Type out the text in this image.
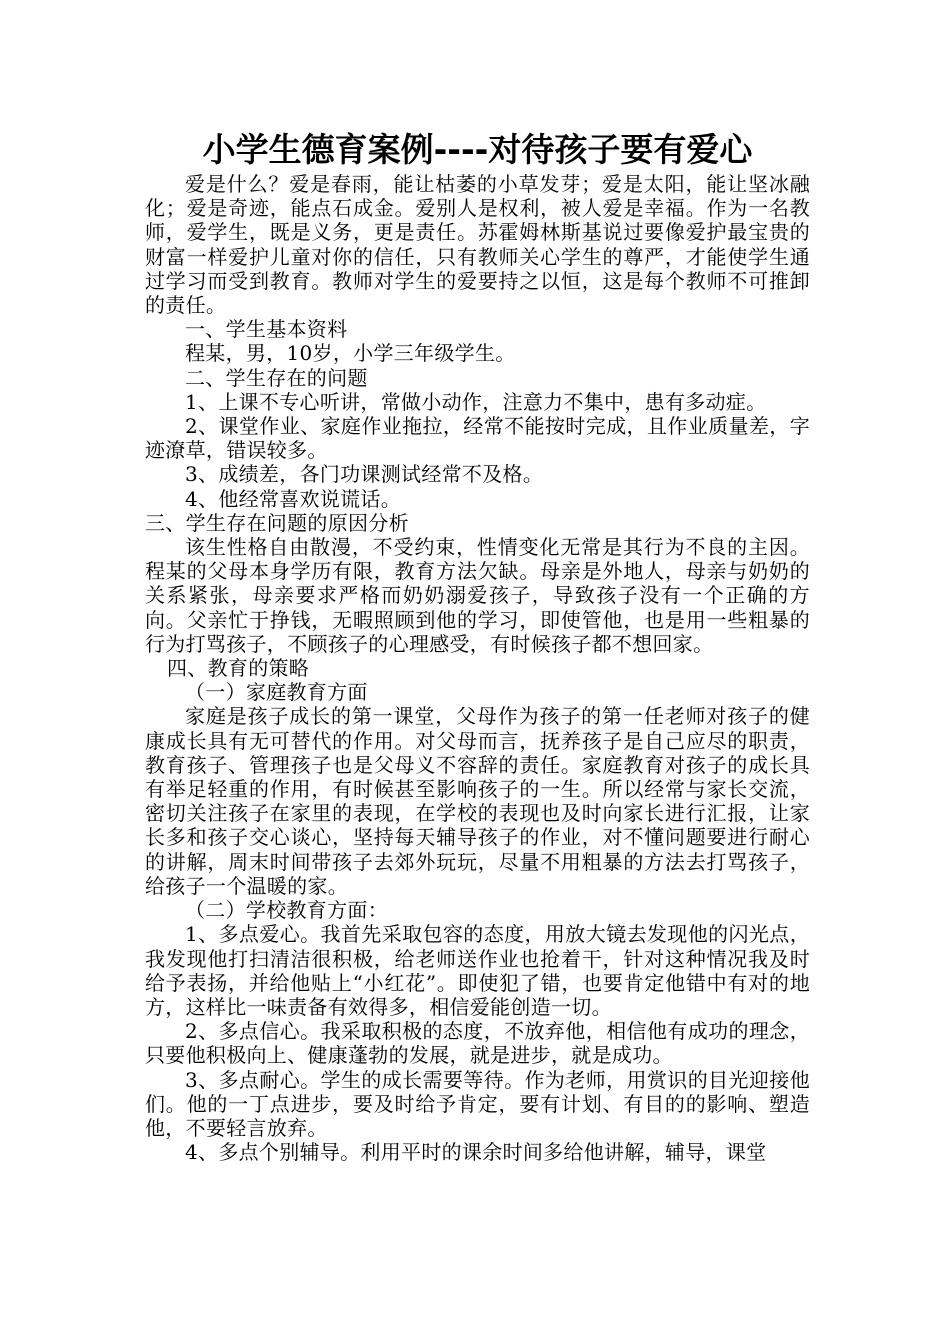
小学生德育案例----对待孩子要有爱心

爱是什么？爱是春雨，能让枯萎的小草发芽；爱是太阳，能让坚冰融化；爱是奇迹，能点石成金。爱别人是权利，被人爱是幸福。作为一名教师，爱学生，既是义务，更是责任。苏霍姆林斯基说过要像爱护最宝贵的财富一样爱护儿童对你的信任，只有教师关心学生的尊严，才能使学生通过学习而受到教育。教师对学生的爱要持之以恒，这是每个教师不可推卸的责任。

一、学生基本资料

程某，男，10岁，小学三年级学生。

二、学生存在的问题

1、上课不专心听讲，常做小动作，注意力不集中，患有多动症。

2、课堂作业、家庭作业拖拉，经常不能按时完成，且作业质量差，字迹潦草，错误较多。

3、成绩差，各门功课测试经常不及格。

4、他经常喜欢说谎话。

三、学生存在问题的原因分析

该生性格自由散漫，不受约束，性情变化无常是其行为不良的主因。程某的父母本身学历有限，教育方法欠缺。母亲是外地人，母亲与奶奶的关系紧张，母亲要求严格而奶奶溺爱孩子，导致孩子没有一个正确的方向。父亲忙于挣钱，无暇照顾到他的学习，即使管他，也是用一些粗暴的行为打骂孩子，不顾孩子的心理感受，有时候孩子都不想回家。

四、教育的策略

（一）家庭教育方面

家庭是孩子成长的第一课堂，父母作为孩子的第一任老师对孩子的健康成长具有无可替代的作用。对父母而言，抚养孩子是自己应尽的职责，教育孩子、管理孩子也是父母义不容辞的责任。家庭教育对孩子的成长具有举足轻重的作用，有时候甚至影响孩子的一生。所以经常与家长交流，密切关注孩子在家里的表现，在学校的表现也及时向家长进行汇报，让家长多和孩子交心谈心，坚持每天辅导孩子的作业，对不懂问题要进行耐心的讲解，周末时间带孩子去郊外玩玩，尽量不用粗暴的方法去打骂孩子，给孩子一个温暖的家。

（二）学校教育方面：

1、多点爱心。我首先采取包容的态度，用放大镜去发现他的闪光点，我发现他打扫清洁很积极，给老师送作业也抢着干，针对这种情况我及时给予表扬，并给他贴上“小红花”。即使犯了错，也要肯定他错中有对的地方，这样比一味责备有效得多，相信爱能创造一切。

2、多点信心。我采取积极的态度，不放弃他，相信他有成功的理念，只要他积极向上、健康蓬勃的发展，就是进步，就是成功。

3、多点耐心。学生的成长需要等待。作为老师，用赏识的目光迎接他们。他的一丁点进步，要及时给予肯定，要有计划、有目的的影响、塑造他，不要轻言放弃。

4、多点个别辅导。利用平时的课余时间多给他讲解，辅导，课堂
